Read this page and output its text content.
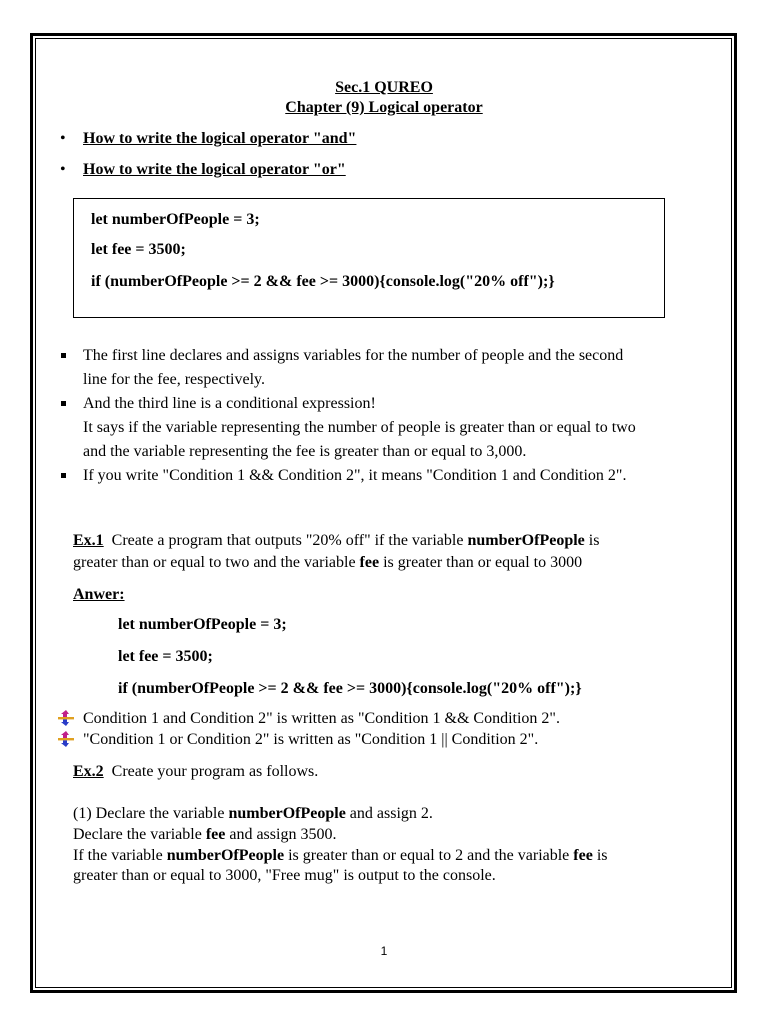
Sec.1 QUREO
Chapter (9) Logical operator
• How to write the logical operator "and"
• How to write the logical operator "or"
let numberOfPeople = 3;
let fee = 3500;
if (numberOfPeople >= 2 && fee >= 3000){console.log("20% off");}
The first line declares and assigns variables for the number of people and the second
line for the fee, respectively.
And the third line is a conditional expression!
It says if the variable representing the number of people is greater than or equal to two
and the variable representing the fee is greater than or equal to 3,000.
If you write "Condition 1 && Condition 2", it means "Condition 1 and Condition 2".
Ex.1 Create a program that outputs "20% off" if the variable numberOfPeople is
greater than or equal to two and the variable fee is greater than or equal to 3000
Anwer:
let numberOfPeople = 3;
let fee = 3500;
if (numberOfPeople >= 2 && fee >= 3000){console.log("20% off");}
Condition 1 and Condition 2" is written as "Condition 1 && Condition 2".
"Condition 1 or Condition 2" is written as "Condition 1 || Condition 2".
Ex.2 Create your program as follows.
(1) Declare the variable numberOfPeople and assign 2.
Declare the variable fee and assign 3500.
If the variable numberOfPeople is greater than or equal to 2 and the variable fee is
greater than or equal to 3000, "Free mug" is output to the console.
1
